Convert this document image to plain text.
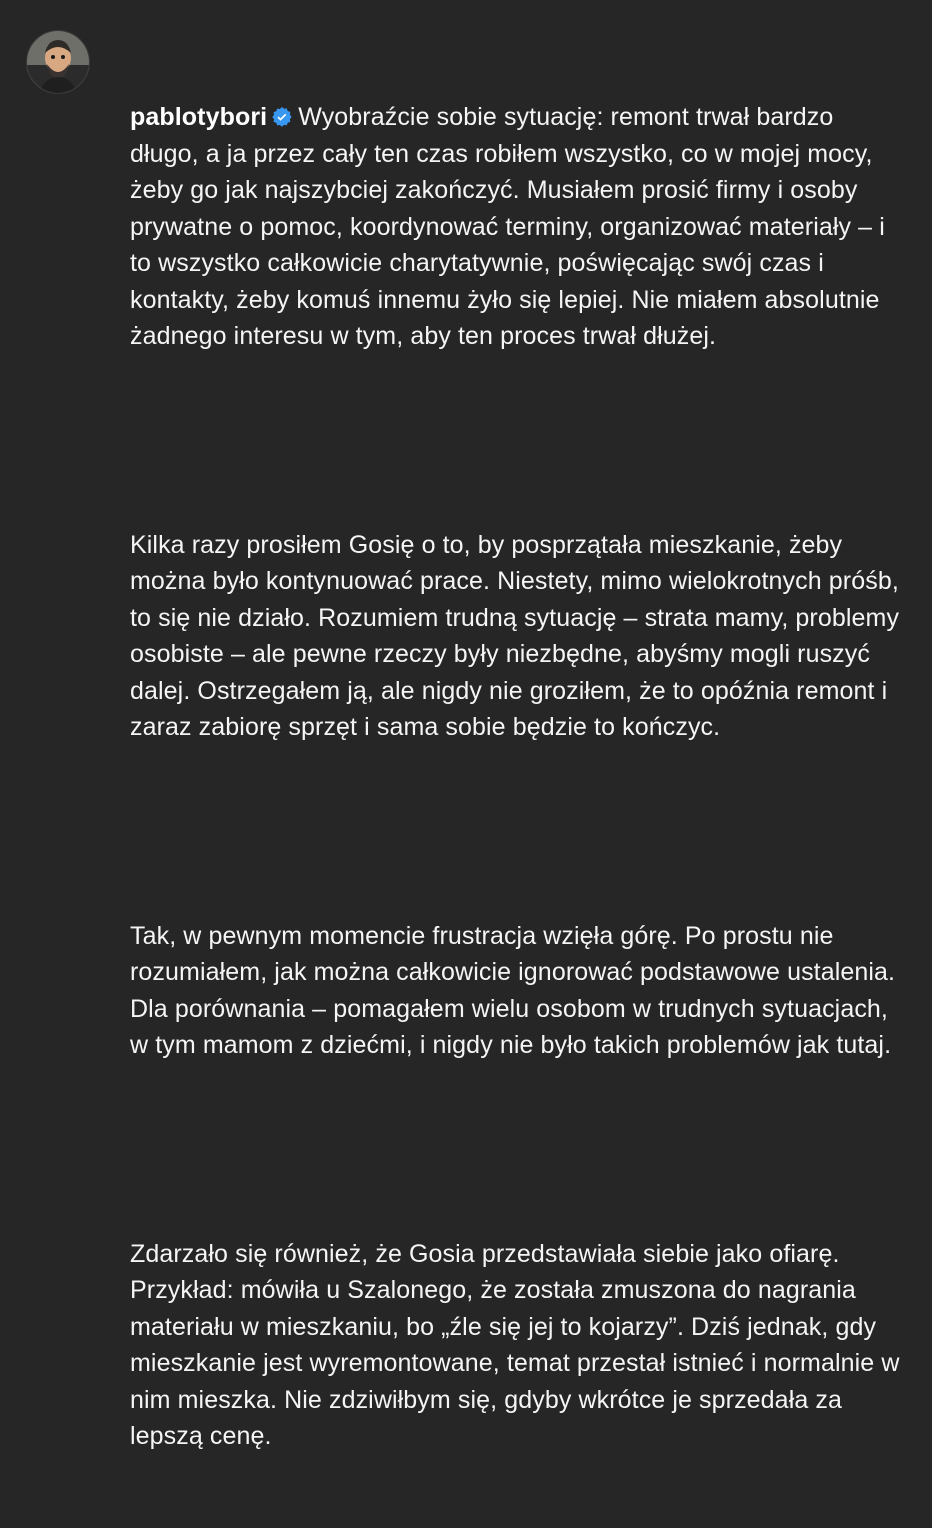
pablotybori Wyobraźcie sobie sytuację: remont trwał bardzo długo, a ja przez cały ten czas robiłem wszystko, co w mojej mocy, żeby go jak najszybciej zakończyć. Musiałem prosić firmy i osoby prywatne o pomoc, koordynować terminy, organizować materiały – i to wszystko całkowicie charytatywnie, poświęcając swój czas i kontakty, żeby komuś innemu żyło się lepiej. Nie miałem absolutnie żadnego interesu w tym, aby ten proces trwał dłużej.

Kilka razy prosiłem Gosię o to, by posprzątała mieszkanie, żeby można było kontynuować prace. Niestety, mimo wielokrotnych próśb, to się nie działo. Rozumiem trudną sytuację – strata mamy, problemy osobiste – ale pewne rzeczy były niezbędne, abyśmy mogli ruszyć dalej. Ostrzegałem ją, ale nigdy nie groziłem, że to opóźnia remont i zaraz zabiorę sprzęt i sama sobie będzie to kończyc.

Tak, w pewnym momencie frustracja wzięła górę. Po prostu nie rozumiałem, jak można całkowicie ignorować podstawowe ustalenia. Dla porównania – pomagałem wielu osobom w trudnych sytuacjach, w tym mamom z dziećmi, i nigdy nie było takich problemów jak tutaj.

Zdarzało się również, że Gosia przedstawiała siebie jako ofiarę. Przykład: mówiła u Szalonego, że została zmuszona do nagrania materiału w mieszkaniu, bo „źle się jej to kojarzy”. Dziś jednak, gdy mieszkanie jest wyremontowane, temat przestał istnieć i normalnie w nim mieszka. Nie zdziwiłbym się, gdyby wkrótce je sprzedała za lepszą cenę.
